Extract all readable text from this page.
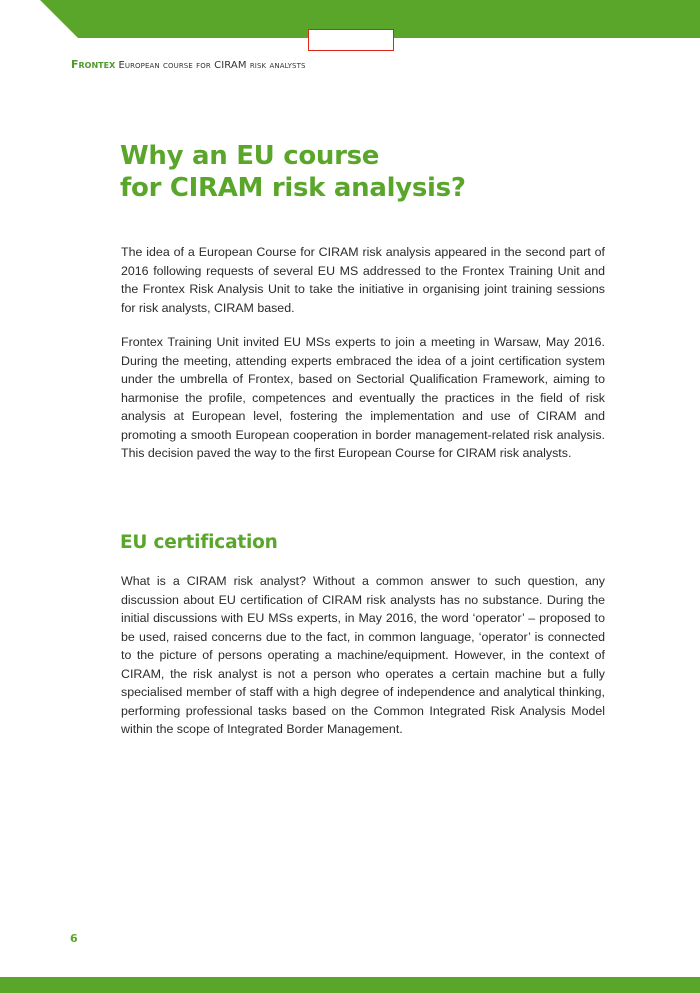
Frontex European course for CIRAM risk analysts
Why an EU course
for CIRAM risk analysis?

The idea of a European Course for CIRAM risk analysis appeared in the second part of 2016 following requests of several EU MS addressed to the Frontex Training Unit and the Frontex Risk Analysis Unit to take the initiative in organising joint training sessions for risk analysts, CIRAM based.

Frontex Training Unit invited EU MSs experts to join a meeting in Warsaw, May 2016. During the meeting, attending experts embraced the idea of a joint certification system under the umbrella of Frontex, based on Sectorial Qualification Framework, aiming to harmonise the profile, competences and eventually the practices in the field of risk analysis at European level, fostering the implementation and use of CIRAM and promoting a smooth European cooperation in border management-related risk analysis. This decision paved the way to the first European Course for CIRAM risk analysts.

EU certification

What is a CIRAM risk analyst? Without a common answer to such question, any discussion about EU certification of CIRAM risk analysts has no substance. During the initial discussions with EU MSs experts, in May 2016, the word ‘operator’ – proposed to be used, raised concerns due to the fact, in common language, ‘operator’ is connected to the picture of persons operating a machine/equipment. However, in the context of CIRAM, the risk analyst is not a person who operates a certain machine but a fully specialised member of staff with a high degree of independence and analytical thinking, performing professional tasks based on the Common Integrated Risk Analysis Model within the scope of Integrated Border Management.

6
